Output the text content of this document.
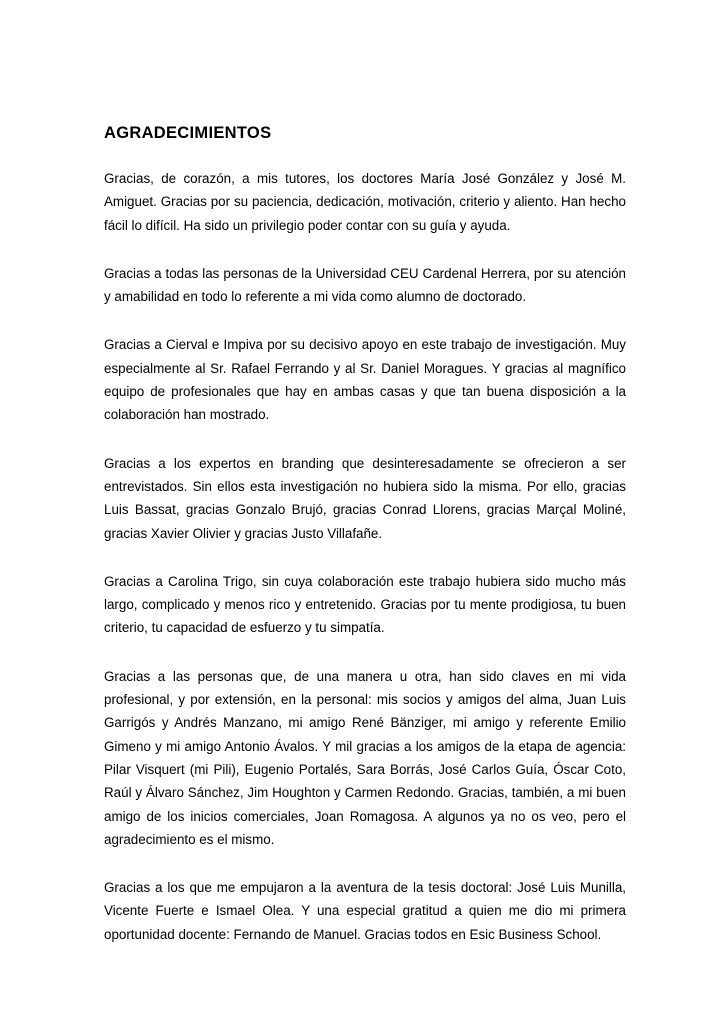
AGRADECIMIENTOS

Gracias, de corazón, a mis tutores, los doctores María José González y José M. Amiguet. Gracias por su paciencia, dedicación, motivación, criterio y aliento. Han hecho fácil lo difícil. Ha sido un privilegio poder contar con su guía y ayuda.

Gracias a todas las personas de la Universidad CEU Cardenal Herrera, por su atención y amabilidad en todo lo referente a mi vida como alumno de doctorado.

Gracias a Cierval e Impiva por su decisivo apoyo en este trabajo de investigación. Muy especialmente al Sr. Rafael Ferrando y al Sr. Daniel Moragues. Y gracias al magnífico equipo de profesionales que hay en ambas casas y que tan buena disposición a la colaboración han mostrado.

Gracias a los expertos en branding que desinteresadamente se ofrecieron a ser entrevistados. Sin ellos esta investigación no hubiera sido la misma. Por ello, gracias Luis Bassat, gracias Gonzalo Brujó, gracias Conrad Llorens, gracias Marçal Moliné, gracias Xavier Olivier y gracias Justo Villafañe.

Gracias a Carolina Trigo, sin cuya colaboración este trabajo hubiera sido mucho más largo, complicado y menos rico y entretenido. Gracias por tu mente prodigiosa, tu buen criterio, tu capacidad de esfuerzo y tu simpatía.

Gracias a las personas que, de una manera u otra, han sido claves en mi vida profesional, y por extensión, en la personal: mis socios y amigos del alma, Juan Luis Garrigós y Andrés Manzano, mi amigo René Bänziger, mi amigo y referente Emilio Gimeno y mi amigo Antonio Ávalos. Y mil gracias a los amigos de la etapa de agencia: Pilar Visquert (mi Pili), Eugenio Portalés, Sara Borrás, José Carlos Guía, Óscar Coto, Raúl y Álvaro Sánchez, Jim Houghton y Carmen Redondo. Gracias, también, a mi buen amigo de los inicios comerciales, Joan Romagosa. A algunos ya no os veo, pero el agradecimiento es el mismo.

Gracias a los que me empujaron a la aventura de la tesis doctoral: José Luis Munilla, Vicente Fuerte e Ismael Olea. Y una especial gratitud a quien me dio mi primera oportunidad docente: Fernando de Manuel. Gracias todos en Esic Business School.
